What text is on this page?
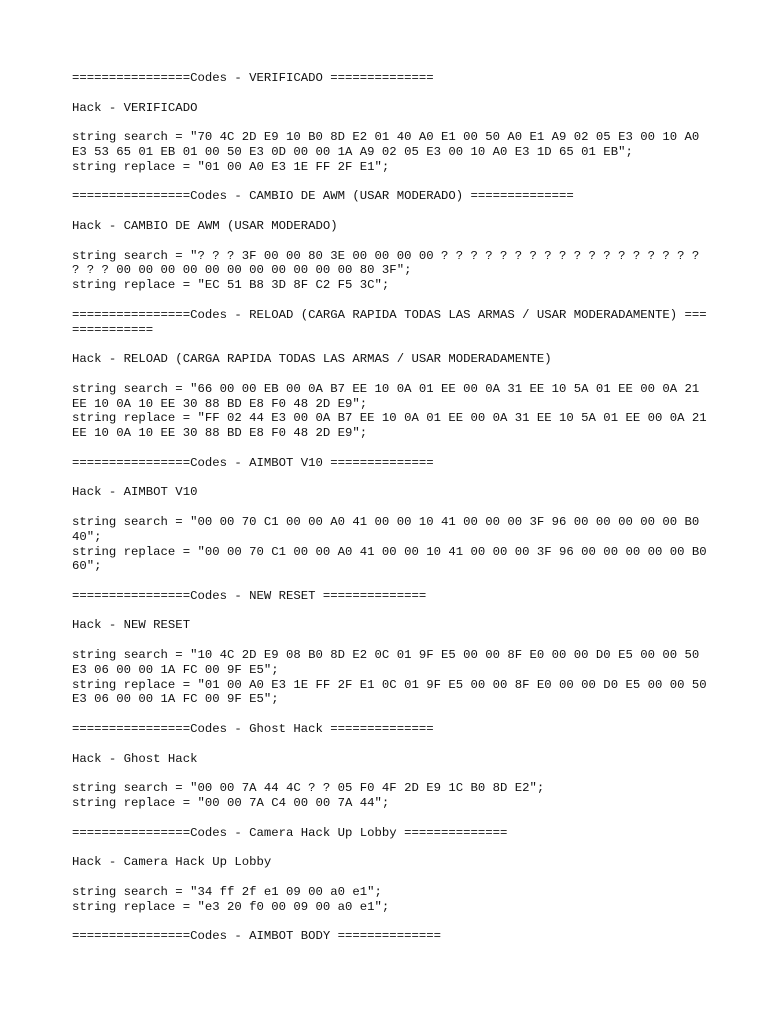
================Codes - VERIFICADO ==============
Hack - VERIFICADO
string search = "70 4C 2D E9 10 B0 8D E2 01 40 A0 E1 00 50 A0 E1 A9 02 05 E3 00 10 A0 E3 53 65 01 EB 01 00 50 E3 0D 00 00 1A A9 02 05 E3 00 10 A0 E3 1D 65 01 EB";
string replace = "01 00 A0 E3 1E FF 2F E1";
================Codes - CAMBIO DE AWM (USAR MODERADO) ==============
Hack - CAMBIO DE AWM (USAR MODERADO)
string search = "? ? ? 3F 00 00 80 3E 00 00 00 00 ? ? ? ? ? ? ? ? ? ? ? ? ? ? ? ? ? ? ? ? ? 00 00 00 00 00 00 00 00 00 00 00 80 3F";
string replace = "EC 51 B8 3D 8F C2 F5 3C";
================Codes - RELOAD (CARGA RAPIDA TODAS LAS ARMAS / USAR MODERADAMENTE) ==============
Hack - RELOAD (CARGA RAPIDA TODAS LAS ARMAS / USAR MODERADAMENTE)
string search = "66 00 00 EB 00 0A B7 EE 10 0A 01 EE 00 0A 31 EE 10 5A 01 EE 00 0A 21 EE 10 0A 10 EE 30 88 BD E8 F0 48 2D E9";
string replace = "FF 02 44 E3 00 0A B7 EE 10 0A 01 EE 00 0A 31 EE 10 5A 01 EE 00 0A 21 EE 10 0A 10 EE 30 88 BD E8 F0 48 2D E9";
================Codes - AIMBOT V10 ==============
Hack - AIMBOT V10
string search = "00 00 70 C1 00 00 A0 41 00 00 10 41 00 00 00 3F 96 00 00 00 00 00 B0 40";
string replace = "00 00 70 C1 00 00 A0 41 00 00 10 41 00 00 00 3F 96 00 00 00 00 00 B0 60";
================Codes - NEW RESET ==============
Hack - NEW RESET
string search = "10 4C 2D E9 08 B0 8D E2 0C 01 9F E5 00 00 8F E0 00 00 D0 E5 00 00 50 E3 06 00 00 1A FC 00 9F E5";
string replace = "01 00 A0 E3 1E FF 2F E1 0C 01 9F E5 00 00 8F E0 00 00 D0 E5 00 00 50 E3 06 00 00 1A FC 00 9F E5";
================Codes - Ghost Hack ==============
Hack - Ghost Hack
string search = "00 00 7A 44 4C ? ? 05 F0 4F 2D E9 1C B0 8D E2";
string replace = "00 00 7A C4 00 00 7A 44";
================Codes - Camera Hack Up Lobby ==============
Hack - Camera Hack Up Lobby
string search = "34 ff 2f e1 09 00 a0 e1";
string replace = "e3 20 f0 00 09 00 a0 e1";
================Codes - AIMBOT BODY ==============
